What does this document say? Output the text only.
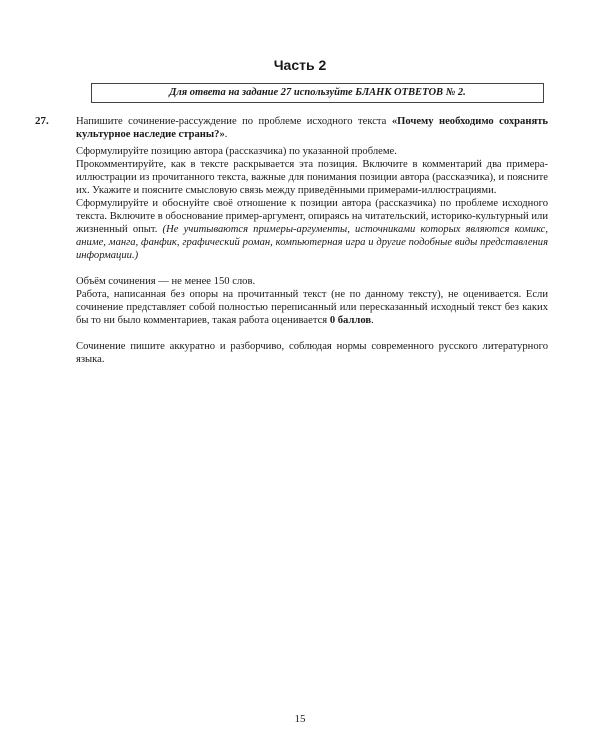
Часть 2
Для ответа на задание 27 используйте БЛАНК ОТВЕТОВ № 2.
27.	Напишите сочинение-рассуждение по проблеме исходного текста «Почему необходимо сохранять культурное наследие страны?».

Сформулируйте позицию автора (рассказчика) по указанной проблеме.

Прокомментируйте, как в тексте раскрывается эта позиция. Включите в комментарий два примера-иллюстрации из прочитанного текста, важные для понимания позиции автора (рассказчика), и поясните их. Укажите и поясните смысловую связь между приведёнными примерами-иллюстрациями.

Сформулируйте и обоснуйте своё отношение к позиции автора (рассказчика) по проблеме исходного текста. Включите в обоснование пример-аргумент, опираясь на читательский, историко-культурный или жизненный опыт. (Не учитываются примеры-аргументы, источниками которых являются комикс, аниме, манга, фанфик, графический роман, компьютерная игра и другие подобные виды представления информации.)

Объём сочинения — не менее 150 слов.

Работа, написанная без опоры на прочитанный текст (не по данному тексту), не оценивается. Если сочинение представляет собой полностью переписанный или пересказанный исходный текст без каких бы то ни было комментариев, такая работа оценивается 0 баллов.

Сочинение пишите аккуратно и разборчиво, соблюдая нормы современного русского литературного языка.

15
